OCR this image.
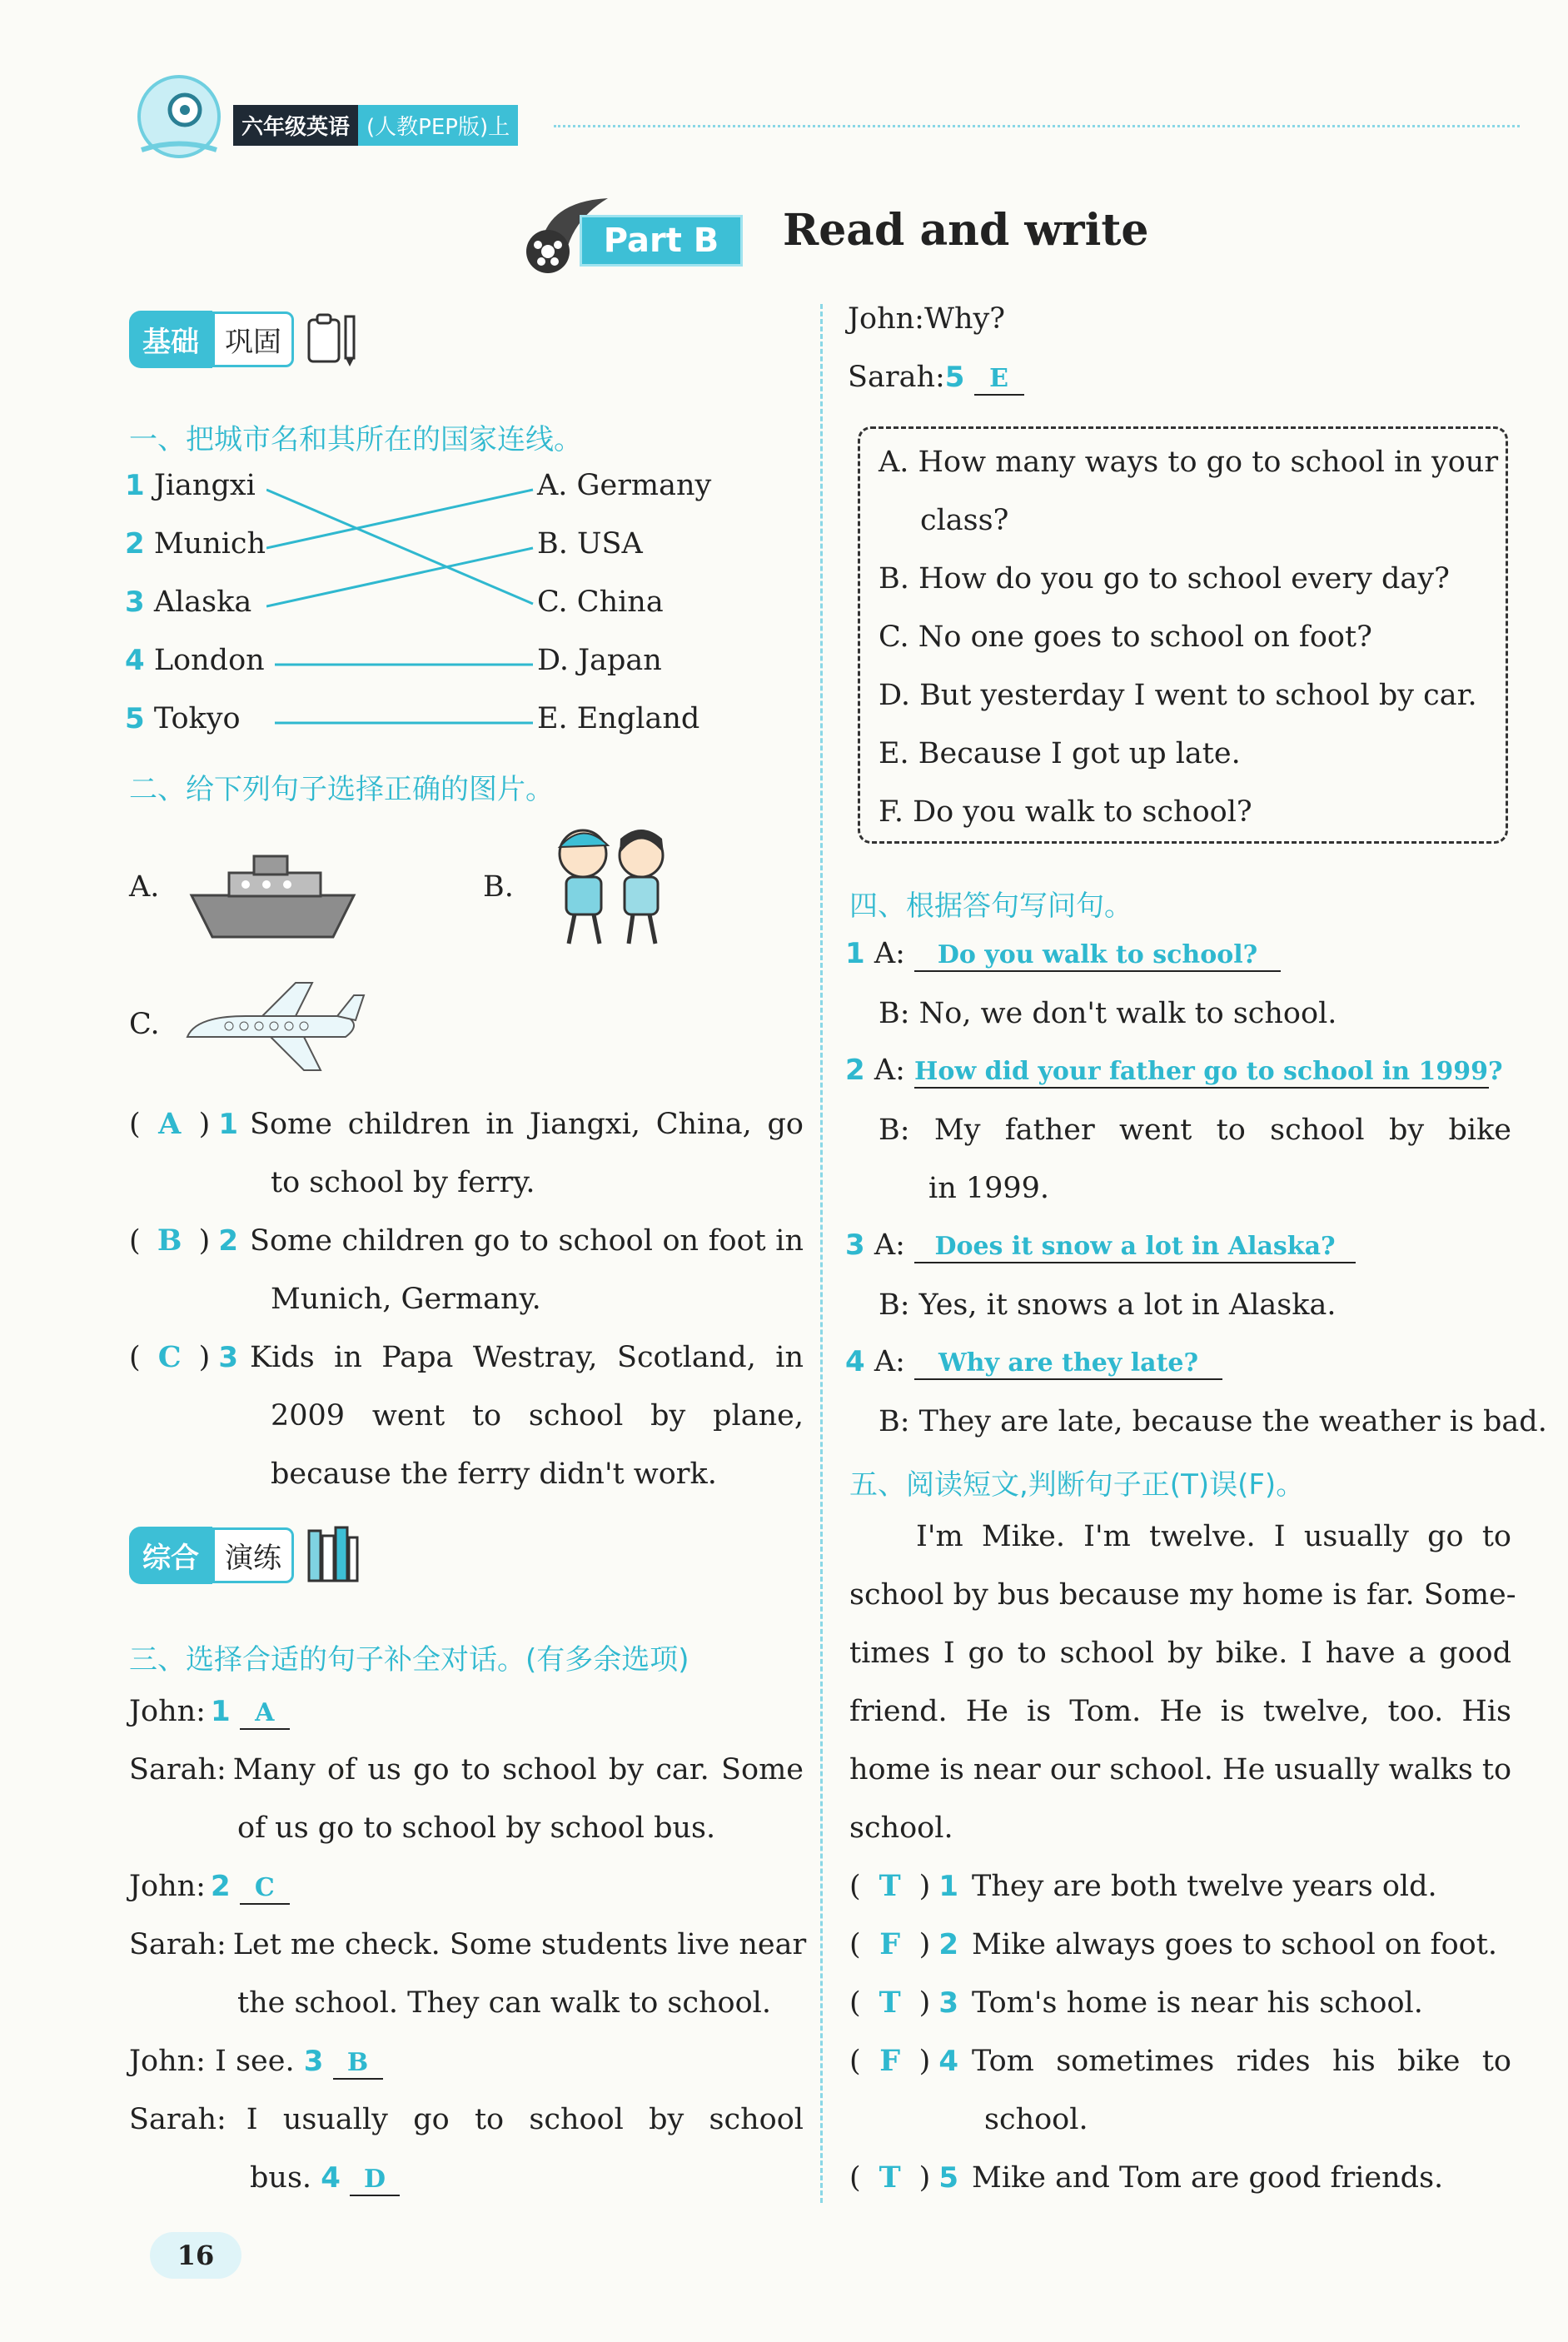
六年级英语 (人教PEP版)上
Part B	Read and write
基础 巩固
一、把城市名和其所在的国家连线。
1 Jiangxi
2 Munich
3 Alaska
4 London
5 Tokyo
A. Germany
B. USA
C. China
D. Japan
E. England
二、给下列句子选择正确的图片。
A.	B.
C.
( A ) 1 Some children in Jiangxi, China, go
to school by ferry.
( B ) 2 Some children go to school on foot in
Munich, Germany.
( C ) 3 Kids in Papa Westray, Scotland, in
2009 went to school by plane,
because the ferry didn't work.
综合 演练
三、选择合适的句子补全对话。(有多余选项)
John: 1 A
Sarah: Many of us go to school by car. Some
of us go to school by school bus.
John: 2 C
Sarah: Let me check. Some students live near
the school. They can walk to school.
John: I see. 3 B
Sarah: I usually go to school by school
bus. 4 D
John:Why?
Sarah:5 E
A. How many ways to go to school in your
class?
B. How do you go to school every day?
C. No one goes to school on foot?
D. But yesterday I went to school by car.
E. Because I got up late.
F. Do you walk to school?
四、根据答句写问句。
1 A: Do you walk to school?
B: No, we don't walk to school.
2 A: How did your father go to school in 1999?
B: My father went to school by bike
in 1999.
3 A: Does it snow a lot in Alaska?
B: Yes, it snows a lot in Alaska.
4 A: Why are they late?
B: They are late, because the weather is bad.
五、阅读短文,判断句子正(T)误(F)。
I'm Mike. I'm twelve. I usually go to
school by bus because my home is far. Some-
times I go to school by bike. I have a good
friend. He is Tom. He is twelve, too. His
home is near our school. He usually walks to
school.
( T ) 1 They are both twelve years old.
( F ) 2 Mike always goes to school on foot.
( T ) 3 Tom's home is near his school.
( F ) 4 Tom sometimes rides his bike to
school.
( T ) 5 Mike and Tom are good friends.
16
